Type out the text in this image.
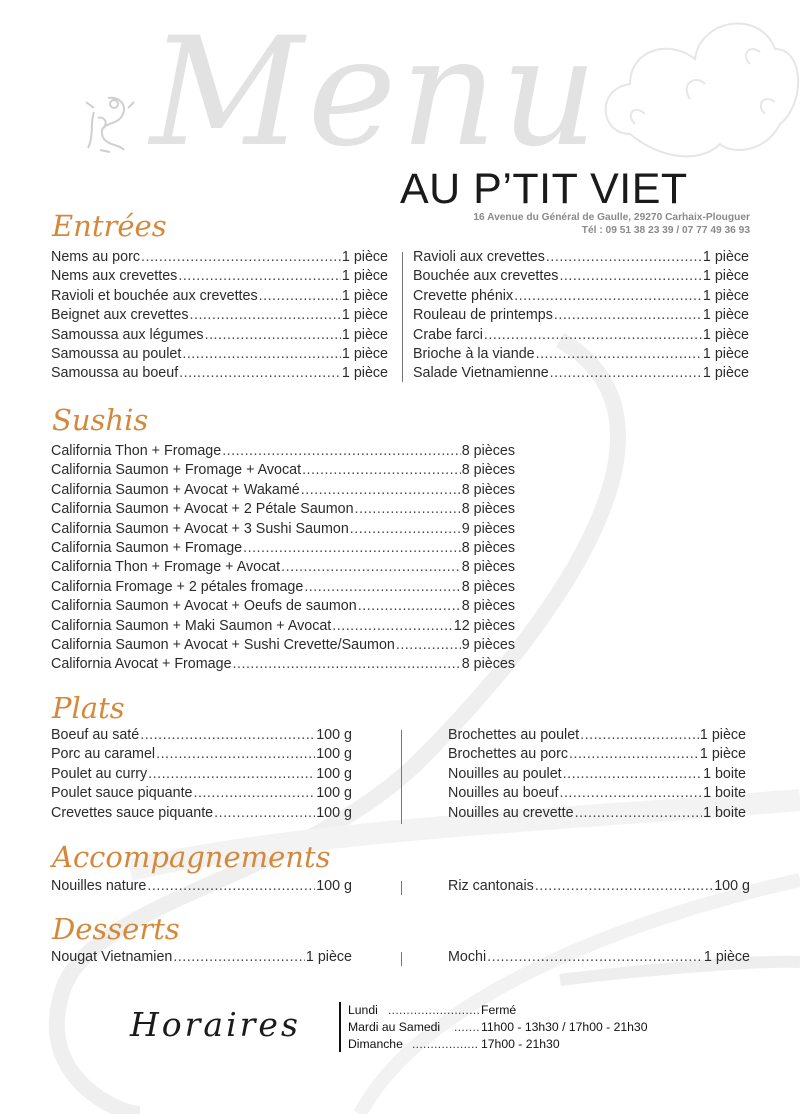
Menu
AU P’TIT VIET
16 Avenue du Général de Gaulle, 29270 Carhaix-Plouguer
Tél : 09 51 38 23 39 / 07 77 49 36 93
Entrées
Nems au porc .....	1 pièce
Nems aux crevettes .....	1 pièce
Ravioli et bouchée aux crevettes .....	1 pièce
Beignet aux crevettes .....	1 pièce
Samoussa aux légumes .....	1 pièce
Samoussa au poulet .....	1 pièce
Samoussa au boeuf .....	1 pièce
Ravioli aux crevettes .....	1 pièce
Bouchée aux crevettes .....	1 pièce
Crevette phénix .....	1 pièce
Rouleau de printemps .....	1 pièce
Crabe farci .....	1 pièce
Brioche à la viande .....	1 pièce
Salade Vietnamienne .....	1 pièce
Sushis
California Thon + Fromage .....	8 pièces
California Saumon + Fromage + Avocat .....	8 pièces
California Saumon + Avocat + Wakamé .....	8 pièces
California Saumon + Avocat + 2 Pétale Saumon .....	8 pièces
California Saumon + Avocat + 3 Sushi Saumon .....	9 pièces
California Saumon + Fromage .....	8 pièces
California Thon + Fromage + Avocat .....	8 pièces
California Fromage + 2 pétales fromage .....	8 pièces
California Saumon + Avocat + Oeufs de saumon .....	8 pièces
California Saumon + Maki Saumon + Avocat .....	12 pièces
California Saumon + Avocat + Sushi Crevette/Saumon .....	9 pièces
California Avocat + Fromage .....	8 pièces
Plats
Boeuf au saté .....	100 g
Porc au caramel .....	100 g
Poulet au curry .....	100 g
Poulet sauce piquante .....	100 g
Crevettes sauce piquante .....	100 g
Brochettes au poulet .....	1 pièce
Brochettes au porc .....	1 pièce
Nouilles au poulet .....	1 boite
Nouilles au boeuf .....	1 boite
Nouilles au crevette .....	1 boite
Accompagnements
Nouilles nature .....	100 g	Riz cantonais .....	100 g
Desserts
Nougat Vietnamien .....	1 pièce	Mochi .....	1 pièce
Horaires	Lundi ......................... Fermé
Mardi au Samedi	....... 11h00 - 13h30 / 17h00 - 21h30
Dimanche .................. 17h00 - 21h30
